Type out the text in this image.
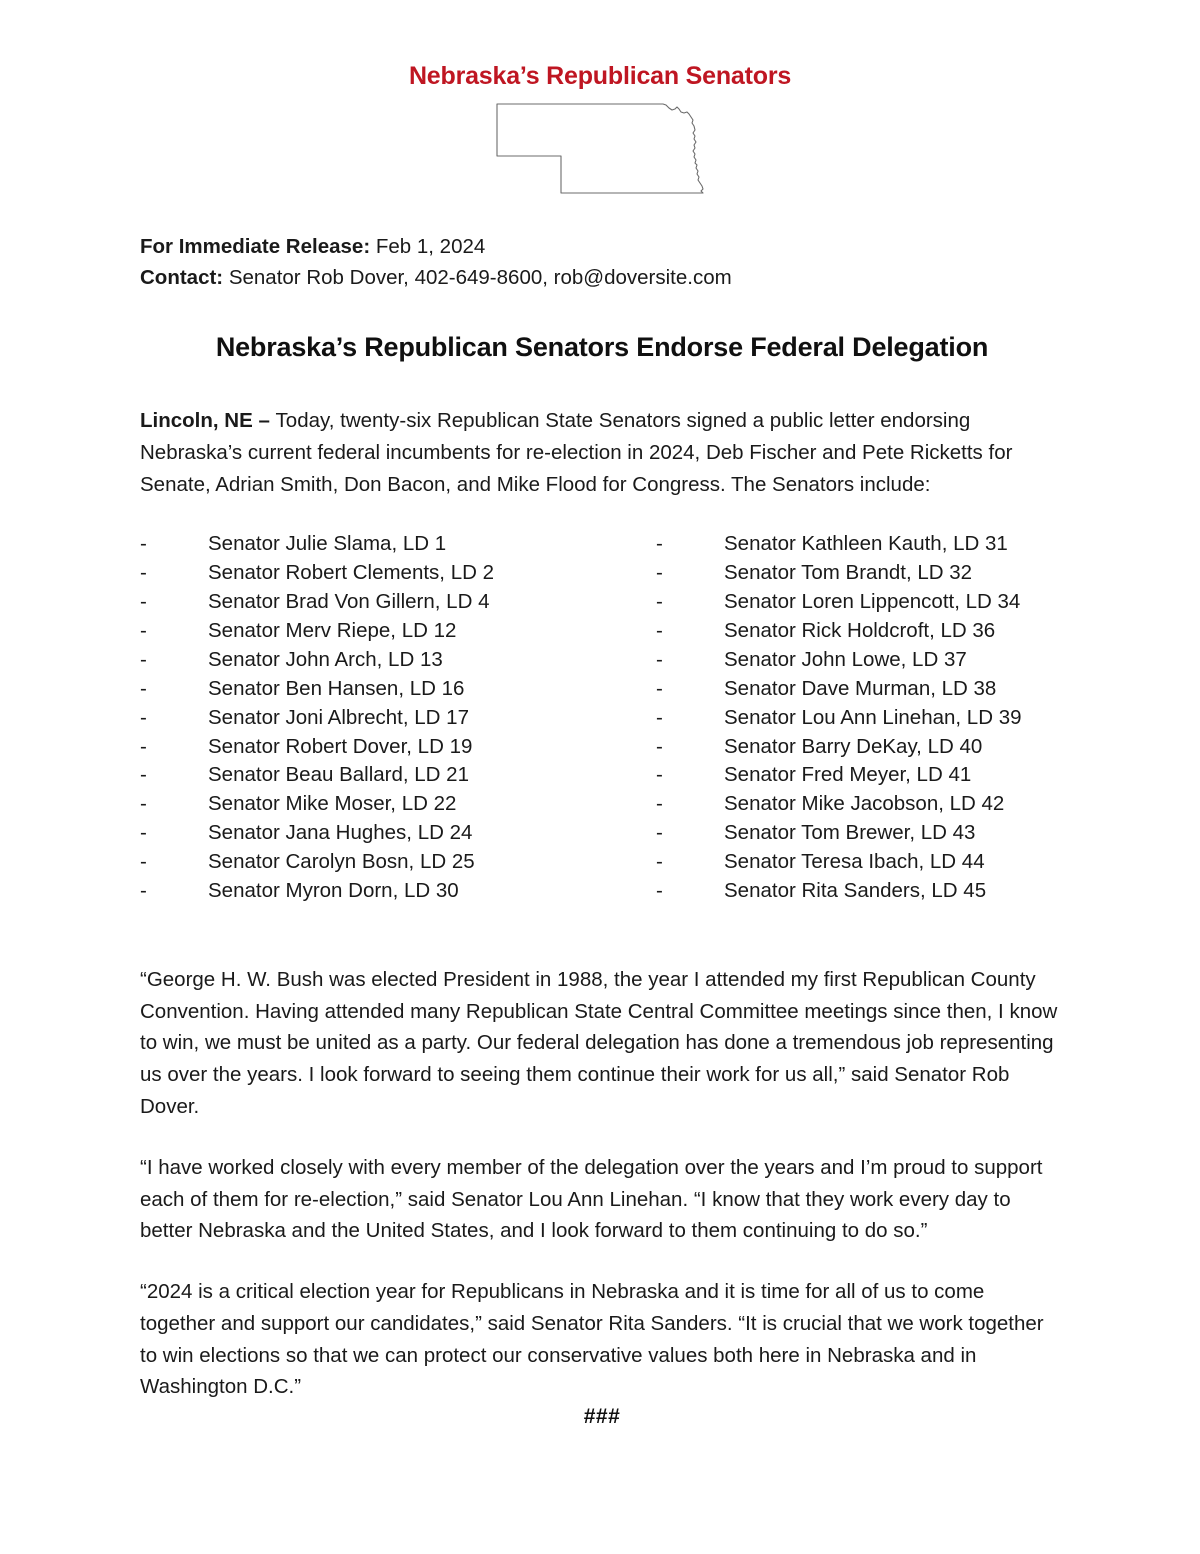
Nebraska’s Republican Senators
For Immediate Release: Feb 1, 2024
Contact: Senator Rob Dover, 402-649-8600, rob@doversite.com
Nebraska’s Republican Senators Endorse Federal Delegation

Lincoln, NE – Today, twenty-six Republican State Senators signed a public letter endorsing Nebraska’s current federal incumbents for re-election in 2024, Deb Fischer and Pete Ricketts for Senate, Adrian Smith, Don Bacon, and Mike Flood for Congress. The Senators include:

-	Senator Julie Slama, LD 1
-	Senator Robert Clements, LD 2
-	Senator Brad Von Gillern, LD 4
-	Senator Merv Riepe, LD 12
-	Senator John Arch, LD 13
-	Senator Ben Hansen, LD 16
-	Senator Joni Albrecht, LD 17
-	Senator Robert Dover, LD 19
-	Senator Beau Ballard, LD 21
-	Senator Mike Moser, LD 22
-	Senator Jana Hughes, LD 24
-	Senator Carolyn Bosn, LD 25
-	Senator Myron Dorn, LD 30
-	Senator Kathleen Kauth, LD 31
-	Senator Tom Brandt, LD 32
-	Senator Loren Lippencott, LD 34
-	Senator Rick Holdcroft, LD 36
-	Senator John Lowe, LD 37
-	Senator Dave Murman, LD 38
-	Senator Lou Ann Linehan, LD 39
-	Senator Barry DeKay, LD 40
-	Senator Fred Meyer, LD 41
-	Senator Mike Jacobson, LD 42
-	Senator Tom Brewer, LD 43
-	Senator Teresa Ibach, LD 44
-	Senator Rita Sanders, LD 45

“George H. W. Bush was elected President in 1988, the year I attended my first Republican County Convention. Having attended many Republican State Central Committee meetings since then, I know to win, we must be united as a party. Our federal delegation has done a tremendous job representing us over the years. I look forward to seeing them continue their work for us all,” said Senator Rob Dover.

“I have worked closely with every member of the delegation over the years and I’m proud to support each of them for re-election,” said Senator Lou Ann Linehan. “I know that they work every day to better Nebraska and the United States, and I look forward to them continuing to do so.”

“2024 is a critical election year for Republicans in Nebraska and it is time for all of us to come together and support our candidates,” said Senator Rita Sanders. “It is crucial that we work together to win elections so that we can protect our conservative values both here in Nebraska and in Washington D.C.”

###
